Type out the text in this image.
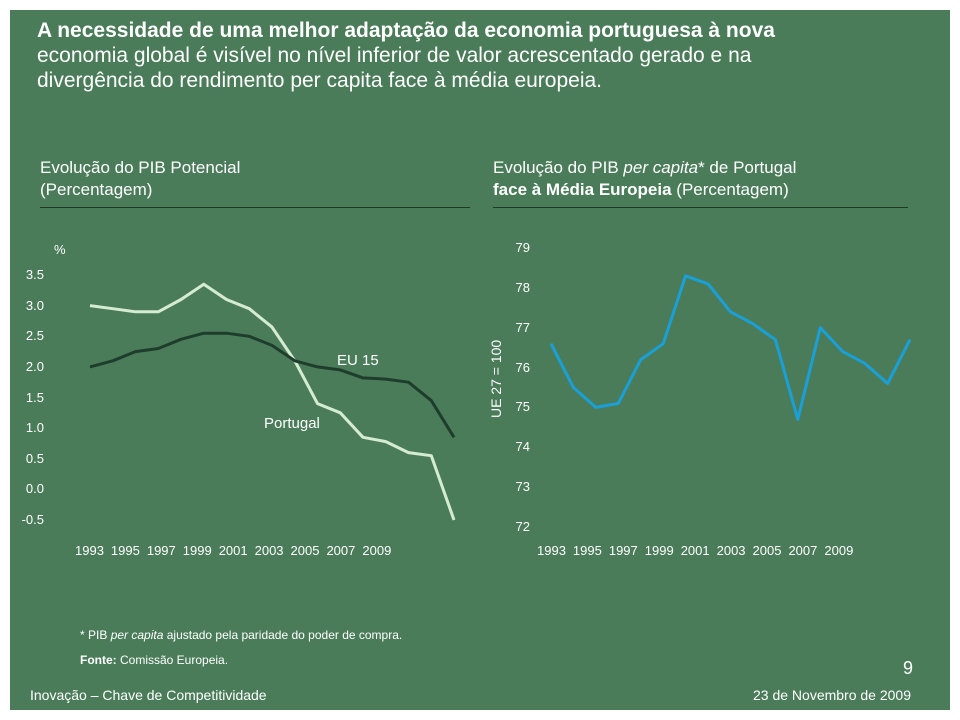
A necessidade de uma melhor adaptação da economia portuguesa à nova
economia global é visível no nível inferior de valor acrescentado gerado e na
divergência do rendimento per capita face à média europeia.
Evolução do PIB Potencial
(Percentagem)
Evolução do PIB per capita* de Portugal
face à Média Europeia (Percentagem)
%
3.5
3.0
2.5
2.0
1.5
1.0
0.5
0.0
-0.5
1993 1995 1997 1999 2001 2003 2005 2007 2009
EU 15
Portugal
UE 27 = 100
79
78
77
76
75
74
73
72
1993 1995 1997 1999 2001 2003 2005 2007 2009
* PIB per capita ajustado pela paridade do poder de compra.
Fonte: Comissão Europeia.	9
Inovação – Chave de Competitividade	23 de Novembro de 2009
